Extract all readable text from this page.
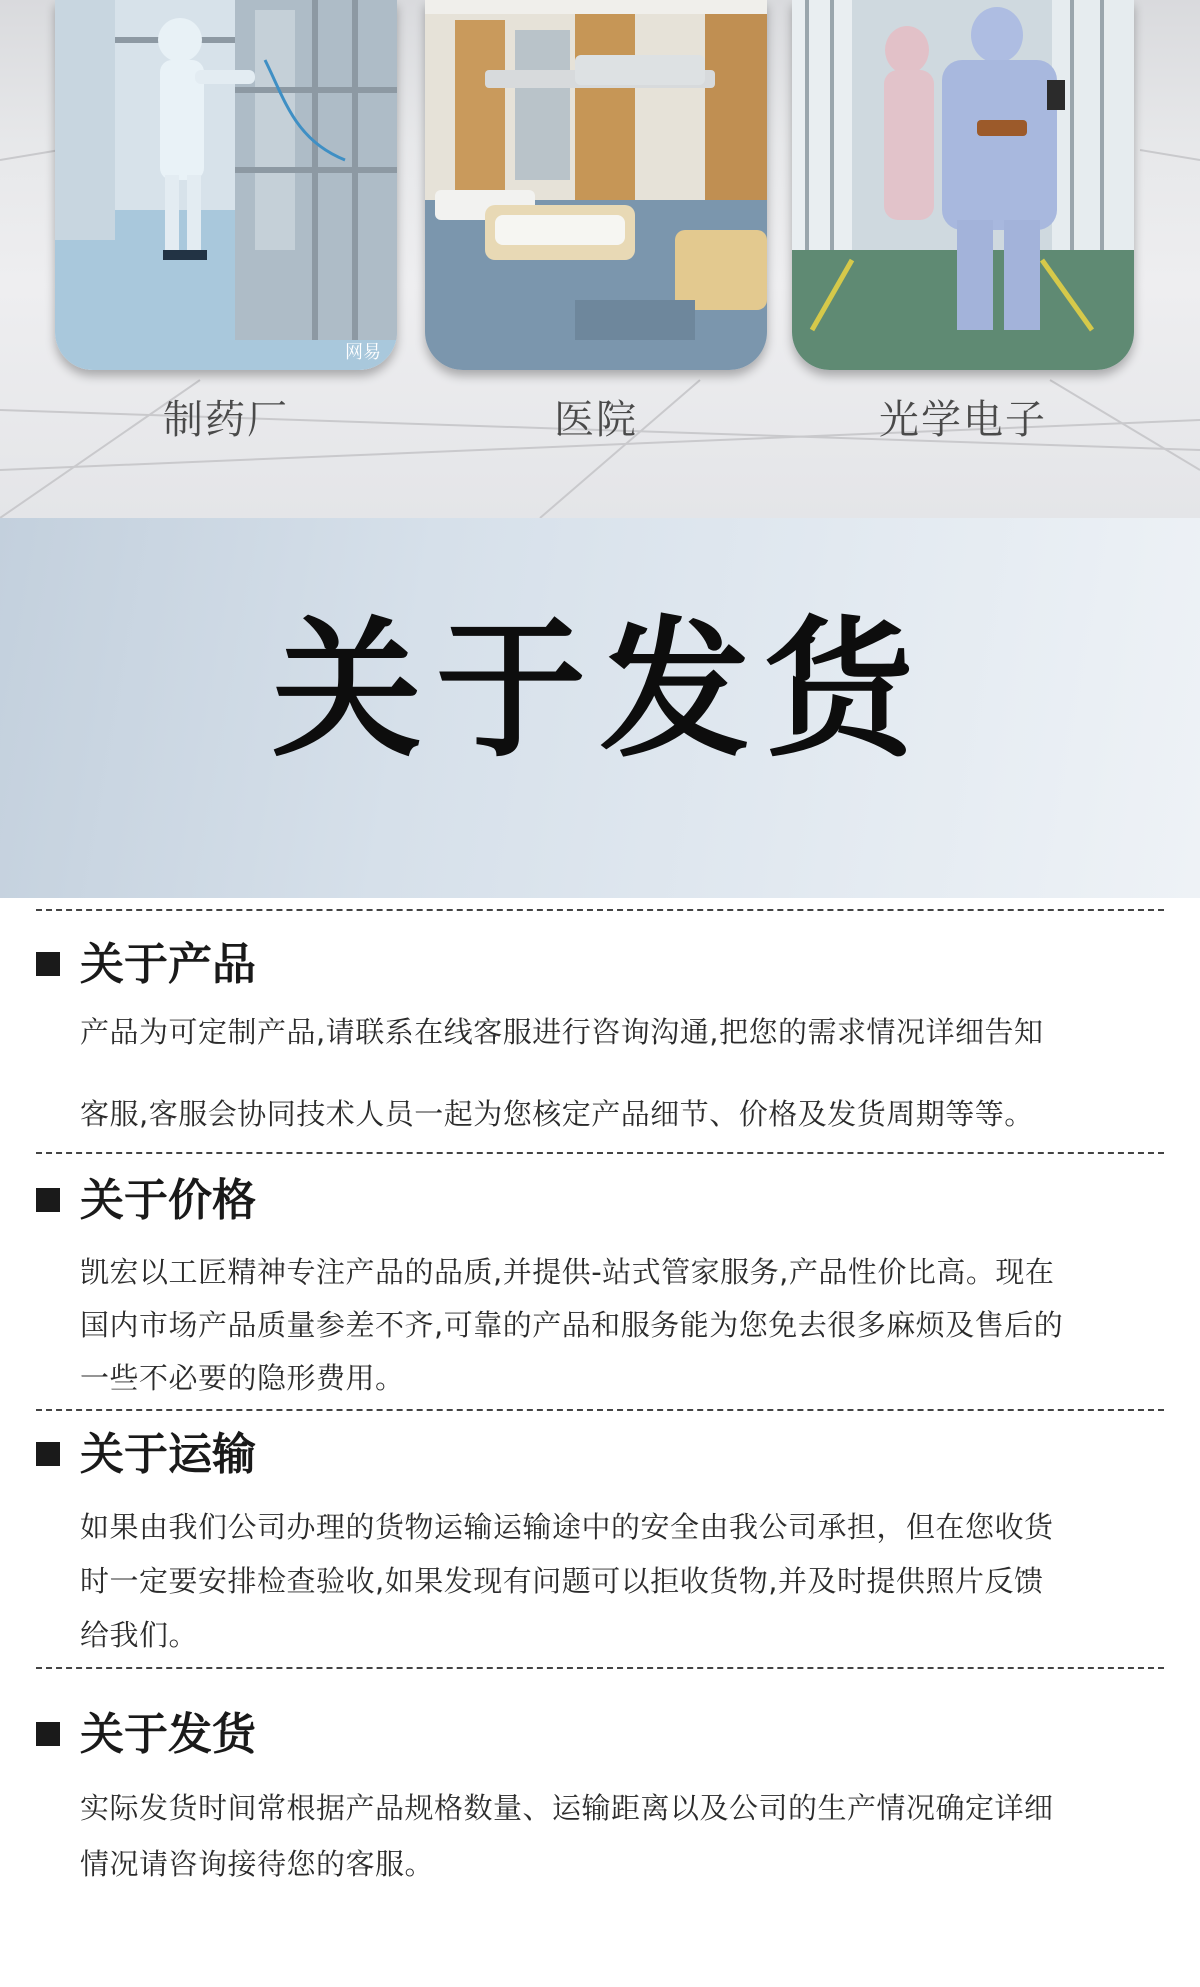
网易
制药厂	医院	光学电子
关于发货
关于产品
产品为可定制产品,请联系在线客服进行咨询沟通,把您的需求情况详细告知
客服,客服会协同技术人员一起为您核定产品细节、价格及发货周期等等。
关于价格
凯宏以工匠精神专注产品的品质,并提供-站式管家服务,产品性价比高。现在
国内市场产品质量参差不齐,可靠的产品和服务能为您免去很多麻烦及售后的
一些不必要的隐形费用。
关于运输
如果由我们公司办理的货物运输运输途中的安全由我公司承担，但在您收货
时一定要安排检查验收,如果发现有问题可以拒收货物,并及时提供照片反馈
给我们。
关于发货
实际发货时间常根据产品规格数量、运输距离以及公司的生产情况确定详细
情况请咨询接待您的客服。
